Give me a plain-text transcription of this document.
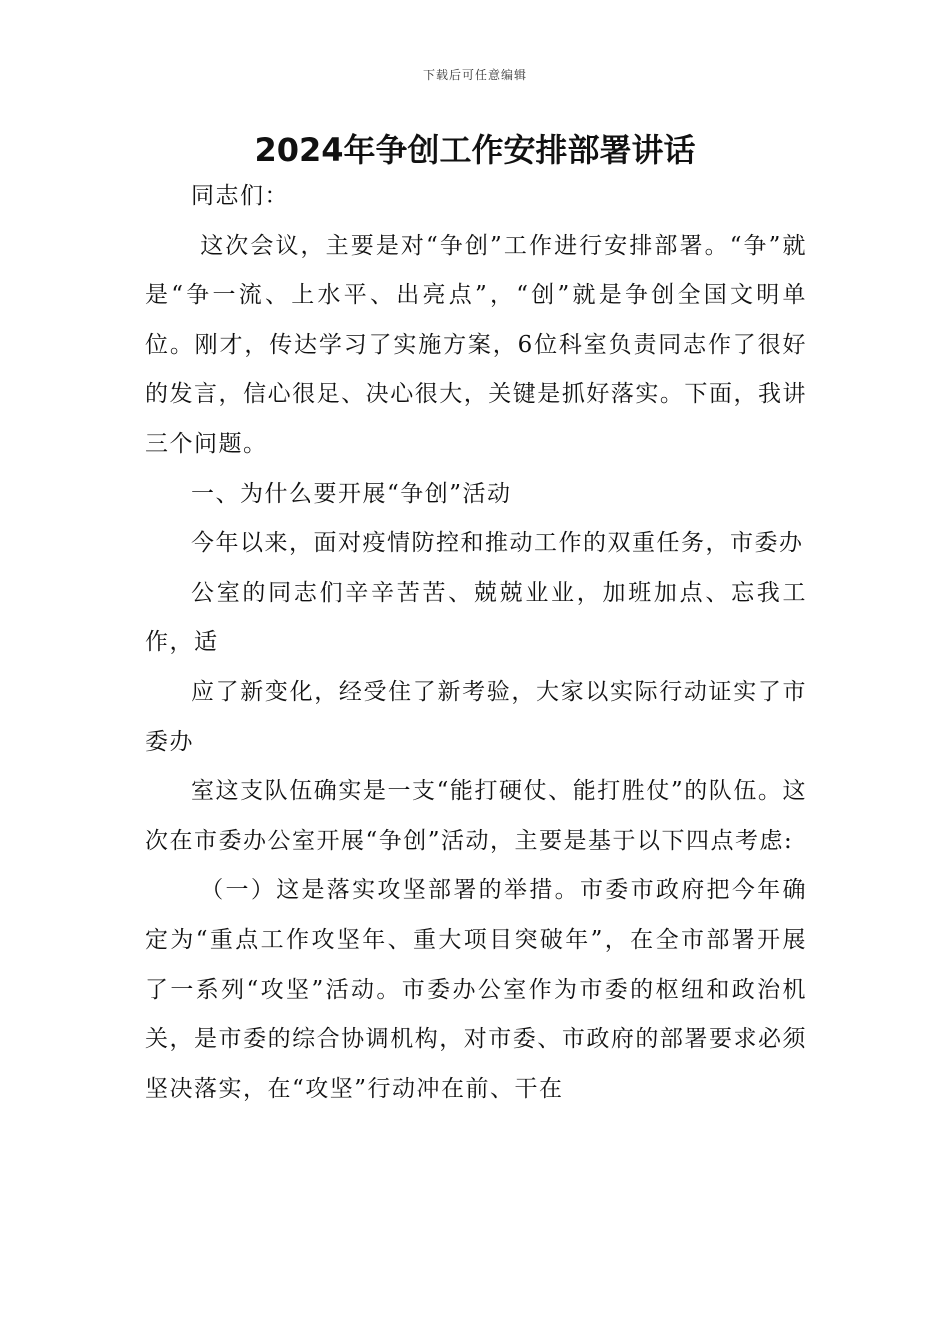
下载后可任意编辑
2024年争创工作安排部署讲话

同志们：

这次会议，主要是对“争创”工作进行安排部署。“争”就是“争一流、上水平、出亮点”，“创”就是争创全国文明单位。刚才，传达学习了实施方案，6位科室负责同志作了很好的发言，信心很足、决心很大，关键是抓好落实。下面，我讲三个问题。

一、为什么要开展“争创”活动

今年以来，面对疫情防控和推动工作的双重任务，市委办

公室的同志们辛辛苦苦、兢兢业业，加班加点、忘我工作，适

应了新变化，经受住了新考验，大家以实际行动证实了市委办

室这支队伍确实是一支“能打硬仗、能打胜仗”的队伍。这次在市委办公室开展“争创”活动，主要是基于以下四点考虑:

（一）这是落实攻坚部署的举措。市委市政府把今年确定为“重点工作攻坚年、重大项目突破年”，在全市部署开展了一系列“攻坚”活动。市委办公室作为市委的枢纽和政治机关，是市委的综合协调机构，对市委、市政府的部署要求必须坚决落实，在“攻坚”行动冲在前、干在
